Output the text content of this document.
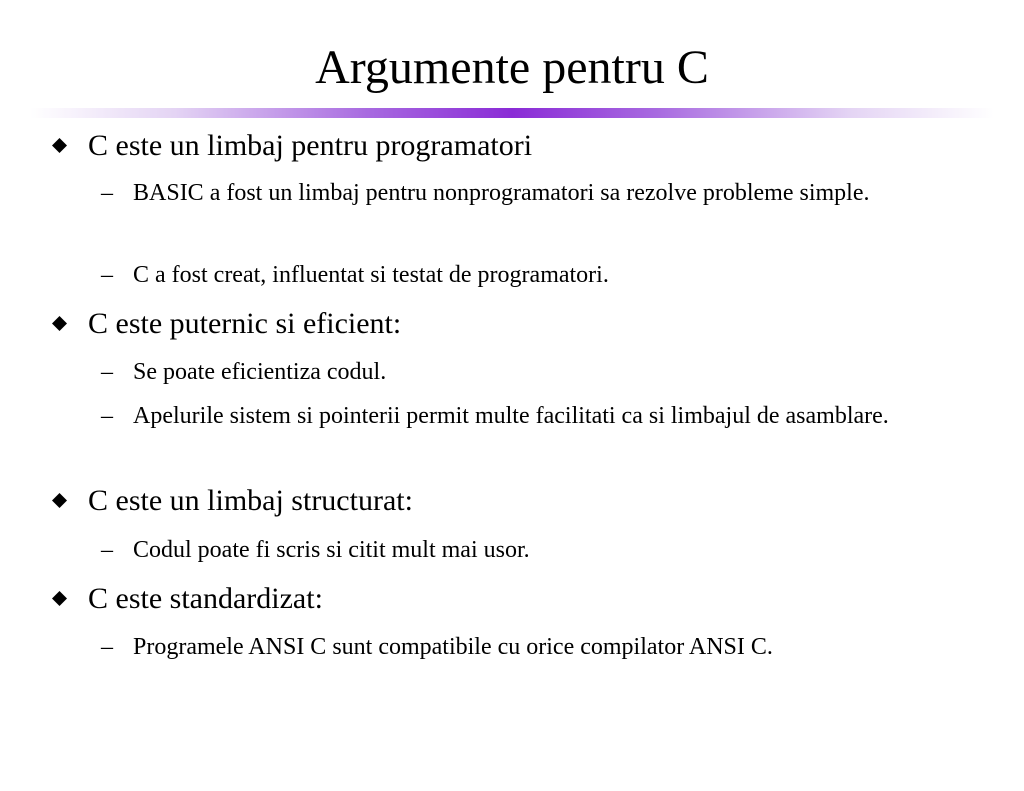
Argumente pentru C
C este un limbaj pentru programatori
– BASIC a fost un limbaj pentru nonprogramatori sa rezolve probleme simple.
– C a fost creat, influentat si testat de programatori.
C este puternic si eficient:
– Se poate eficientiza codul.
– Apelurile sistem si pointerii permit multe facilitati ca si limbajul de asamblare.
C este un limbaj structurat:
– Codul poate fi scris si citit mult mai usor.
C este standardizat:
– Programele ANSI C sunt compatibile cu orice compilator ANSI C.
